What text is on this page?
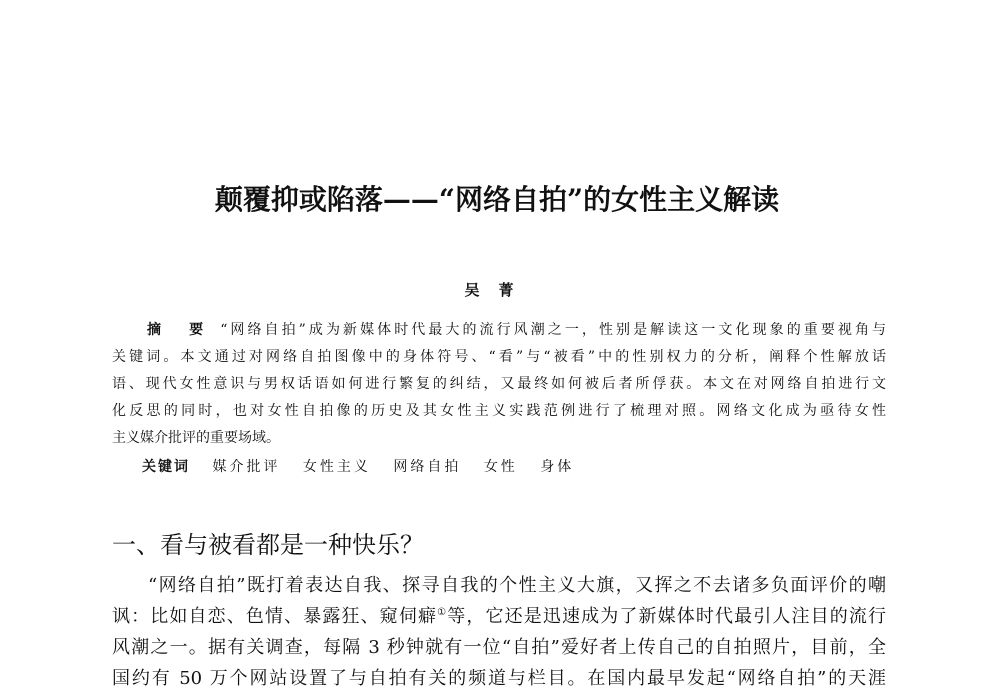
颠覆抑或陷落——“网络自拍”的女性主义解读
吴　菁
摘　要 “网络自拍”成为新媒体时代最大的流行风潮之一，性别是解读这一文化现象的重要视角与
关键词。本文通过对网络自拍图像中的身体符号、“看”与“被看”中的性别权力的分析，阐释个性解放话
语、现代女性意识与男权话语如何进行繁复的纠结，又最终如何被后者所俘获。本文在对网络自拍进行文
化反思的同时，也对女性自拍像的历史及其女性主义实践范例进行了梳理对照。网络文化成为亟待女性
主义媒介批评的重要场域。
关键词 媒介批评 女性主义 网络自拍 女性 身体
一、看与被看都是一种快乐？
“网络自拍”既打着表达自我、探寻自我的个性主义大旗，又挥之不去诸多负面评价的嘲
讽：比如自恋、色情、暴露狂、窥伺癖①等，它还是迅速成为了新媒体时代最引人注目的流行
风潮之一。据有关调查，每隔 3 秒钟就有一位“自拍”爱好者上传自己的自拍照片，目前，全
国约有 50 万个网站设置了与自拍有关的频道与栏目。在国内最早发起“网络自拍”的天涯
